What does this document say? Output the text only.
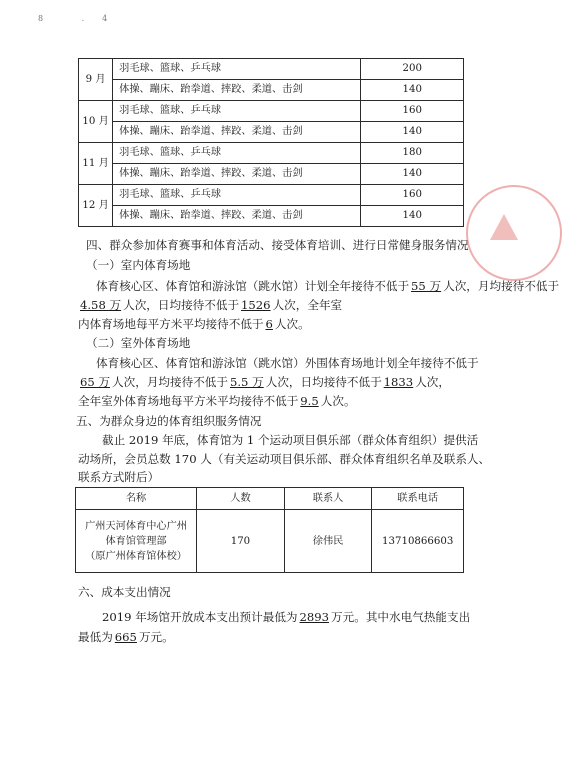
8 .4
9 月	羽毛球、篮球、乒乓球	200
	体操、蹦床、跆拳道、摔跤、柔道、击剑	140
10 月	羽毛球、篮球、乒乓球	160
	体操、蹦床、跆拳道、摔跤、柔道、击剑	140
11 月	羽毛球、篮球、乒乓球	180
	体操、蹦床、跆拳道、摔跤、柔道、击剑	140
12 月	羽毛球、篮球、乒乓球	160
	体操、蹦床、跆拳道、摔跤、柔道、击剑	140
四、群众参加体育赛事和体育活动、接受体育培训、进行日常健身服务情况
（一）室内体育场地
体育核心区、体育馆和游泳馆（跳水馆）计划全年接待不低于 55 万 人次，月均接待不低于
4.58 万 人次，日均接待不低于 1526 人次，全年室
内体育场地每平方米平均接待不低于 6 人次。
（二）室外体育场地
体育核心区、体育馆和游泳馆（跳水馆）外围体育场地计划全年接待不低于
65 万 人次，月均接待不低于 5.5 万 人次，日均接待不低于 1833 人次，
全年室外体育场地每平方米平均接待不低于 9.5 人次。
五、为群众身边的体育组织服务情况
截止 2019 年底，体育馆为 1 个运动项目俱乐部（群众体育组织）提供活
动场所，会员总数 170 人（有关运动项目俱乐部、群众体育组织名单及联系人、
联系方式附后）
名称	人数	联系人	联系电话

广州天河体育中心广州
体育馆管理部
（原广州体育馆体校）	170	徐伟民	13710866603
六、成本支出情况
2019 年场馆开放成本支出预计最低为 2893 万元。其中水电气热能支出
最低为 665 万元。
